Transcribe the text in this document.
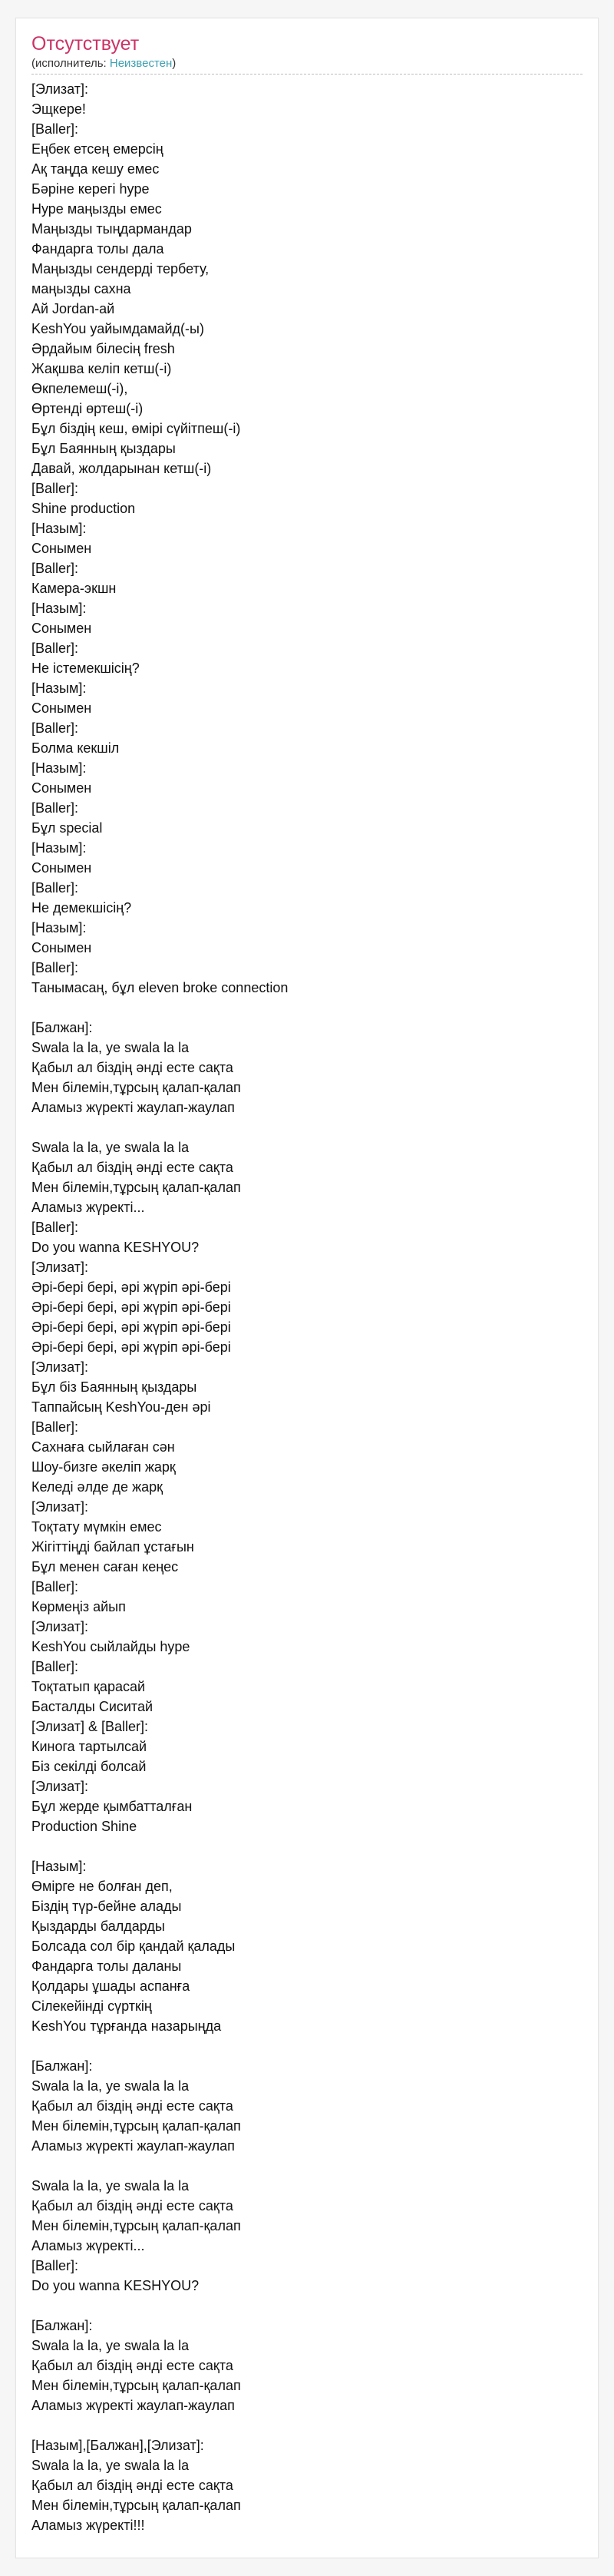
Отсутствует
(исполнитель: Неизвестен)
[Элизат]:
Эщкере!
[Baller]:
Еңбек етсең емерсің
Ақ таңда кешу емес
Бәріне керегі hype
Нуре маңызды емес
Маңызды тыңдармандар
Фандарга толы дала
Маңызды сендерді тербету,
маңызды сахна
Ай Jordan-ай
KeshYou уайымдамайд(-ы)
Әрдайым білесің fresh
Жақшва келіп кетш(-і)
Өкпелемеш(-і),
Өртенді өртеш(-і)
Бұл біздің кеш, өмірі сүйітпеш(-і)
Бұл Баянның қыздары
Давай, жолдарынан кетш(-і)
[Baller]:
Shine production
[Назым]:
Сонымен
[Baller]:
Камера-экшн
[Назым]:
Сонымен
[Baller]:
Не істемекшісің?
[Назым]:
Сонымен
[Baller]:
Болма кекшіл
[Назым]:
Сонымен
[Baller]:
Бұл special
[Назым]:
Сонымен
[Baller]:
Не демекшісің?
[Назым]:
Сонымен
[Baller]:
Танымасаң, бұл eleven broke connection
[Балжан]:
Swala la la, ye swala la la
Қабыл ал біздің әнді есте сақта
Мен білемін,тұрсың қалап-қалап
Аламыз жүректі жаулап-жаулап
Swala la la, ye swala la la
Қабыл ал біздің әнді есте сақта
Мен білемін,тұрсың қалап-қалап
Аламыз жүректі...
[Baller]:
Do you wanna KESHYOU?
[Элизат]:
Әрі-бері бері, әрі жүріп әрі-бері
Әрі-бері бері, әрі жүріп әрі-бері
Әрі-бері бері, әрі жүріп әрі-бері
Әрі-бері бері, әрі жүріп әрі-бері
[Элизат]:
Бұл біз Баянның қыздары
Таппайсың KeshYou-ден әрі
[Baller]:
Сахнаға сыйлаған сән
Шоу-бизге әкеліп жарқ
Келеді әлде де жарқ
[Элизат]:
Тоқтату мүмкін емес
Жігіттіңді байлап ұстағын
Бұл менен саған кеңес
[Baller]:
Көрмеңіз айып
[Элизат]:
KeshYou сыйлайды hype
[Baller]:
Тоқтатып қарасай
Басталды Сиситай
[Элизат] & [Baller]:
Кинога тартылсай
Біз секілді болсай
[Элизат]:
Бұл жерде қымбатталған
Production Shine
[Назым]:
Өмірге не болған деп,
Біздің түр-бейне алады
Қыздарды балдарды
Болсада сол бір қандай қалады
Фандарга толы даланы
Қолдары ұшады аспанға
Сілекейінді сүрткің
KeshYou тұрғанда назарыңда
[Балжан]:
Swala la la, ye swala la la
Қабыл ал біздің әнді есте сақта
Мен білемін,тұрсың қалап-қалап
Аламыз жүректі жаулап-жаулап
Swala la la, ye swala la la
Қабыл ал біздің әнді есте сақта
Мен білемін,тұрсың қалап-қалап
Аламыз жүректі...
[Baller]:
Do you wanna KESHYOU?
[Балжан]:
Swala la la, ye swala la la
Қабыл ал біздің әнді есте сақта
Мен білемін,тұрсың қалап-қалап
Аламыз жүректі жаулап-жаулап
[Назым],[Балжан],[Элизат]:
Swala la la, ye swala la la
Қабыл ал біздің әнді есте сақта
Мен білемін,тұрсың қалап-қалап
Аламыз жүректі!!!
